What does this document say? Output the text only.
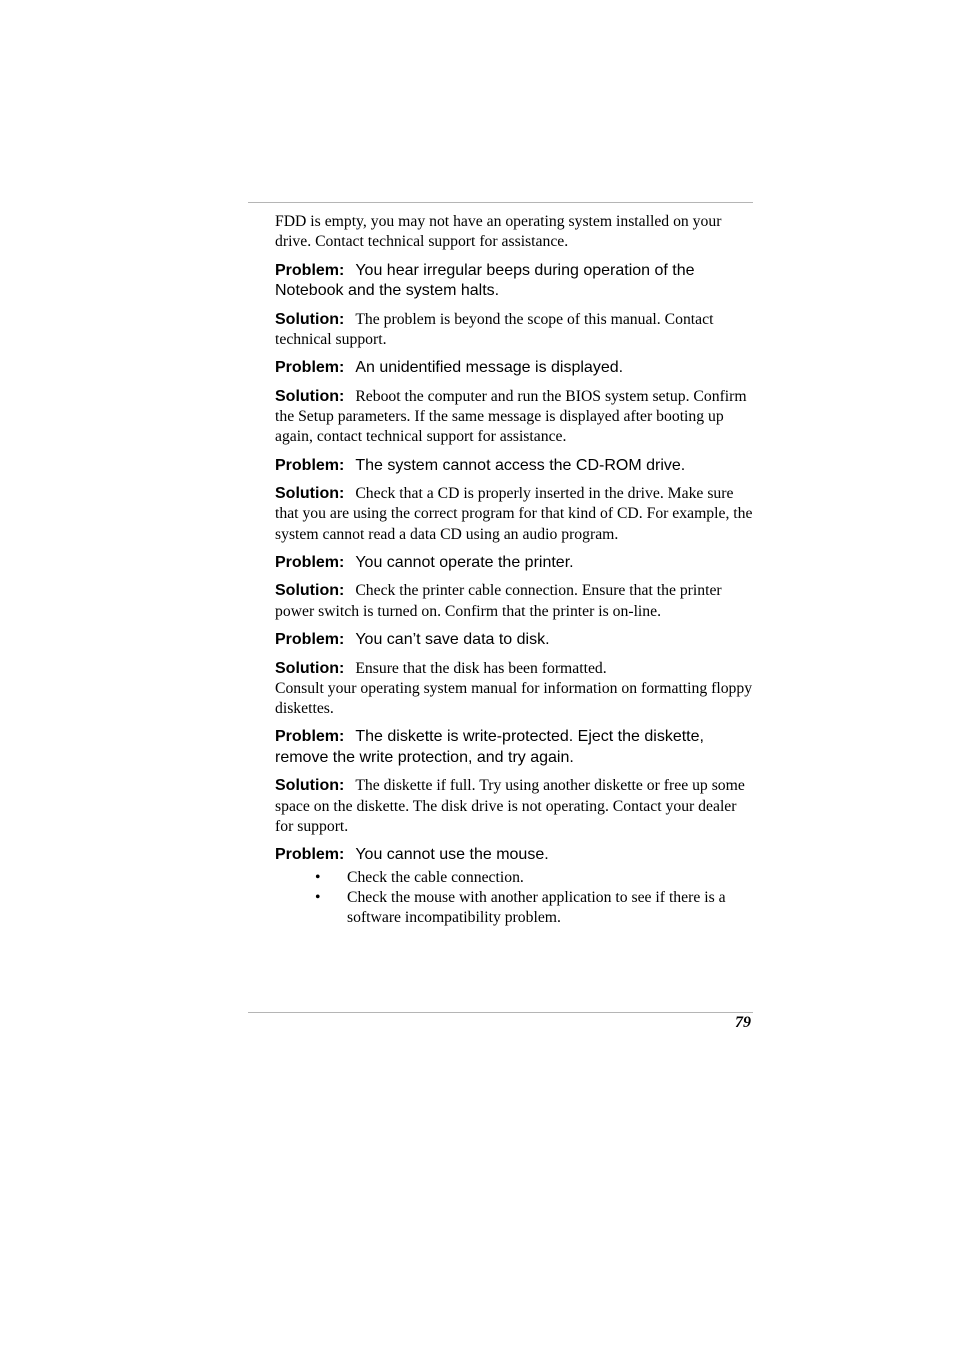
FDD is empty, you may not have an operating system installed on your drive. Contact technical support for assistance.

Problem: You hear irregular beeps during operation of the Notebook and the system halts.

Solution: The problem is beyond the scope of this manual. Contact technical support.

Problem: An unidentified message is displayed.

Solution: Reboot the computer and run the BIOS system setup. Confirm the Setup parameters. If the same message is displayed after booting up again, contact technical support for assistance.

Problem: The system cannot access the CD-ROM drive.

Solution: Check that a CD is properly inserted in the drive. Make sure that you are using the correct program for that kind of CD. For example, the system cannot read a data CD using an audio program.

Problem: You cannot operate the printer.

Solution: Check the printer cable connection. Ensure that the printer power switch is turned on. Confirm that the printer is on-line.

Problem: You can’t save data to disk.

Solution: Ensure that the disk has been formatted.
Consult your operating system manual for information on formatting floppy diskettes.

Problem: The diskette is write-protected. Eject the diskette, remove the write protection, and try again.

Solution: The diskette if full. Try using another diskette or free up some space on the diskette. The disk drive is not operating. Contact your dealer for support.

Problem: You cannot use the mouse.

• Check the cable connection.
• Check the mouse with another application to see if there is a software incompatibility problem.
79
